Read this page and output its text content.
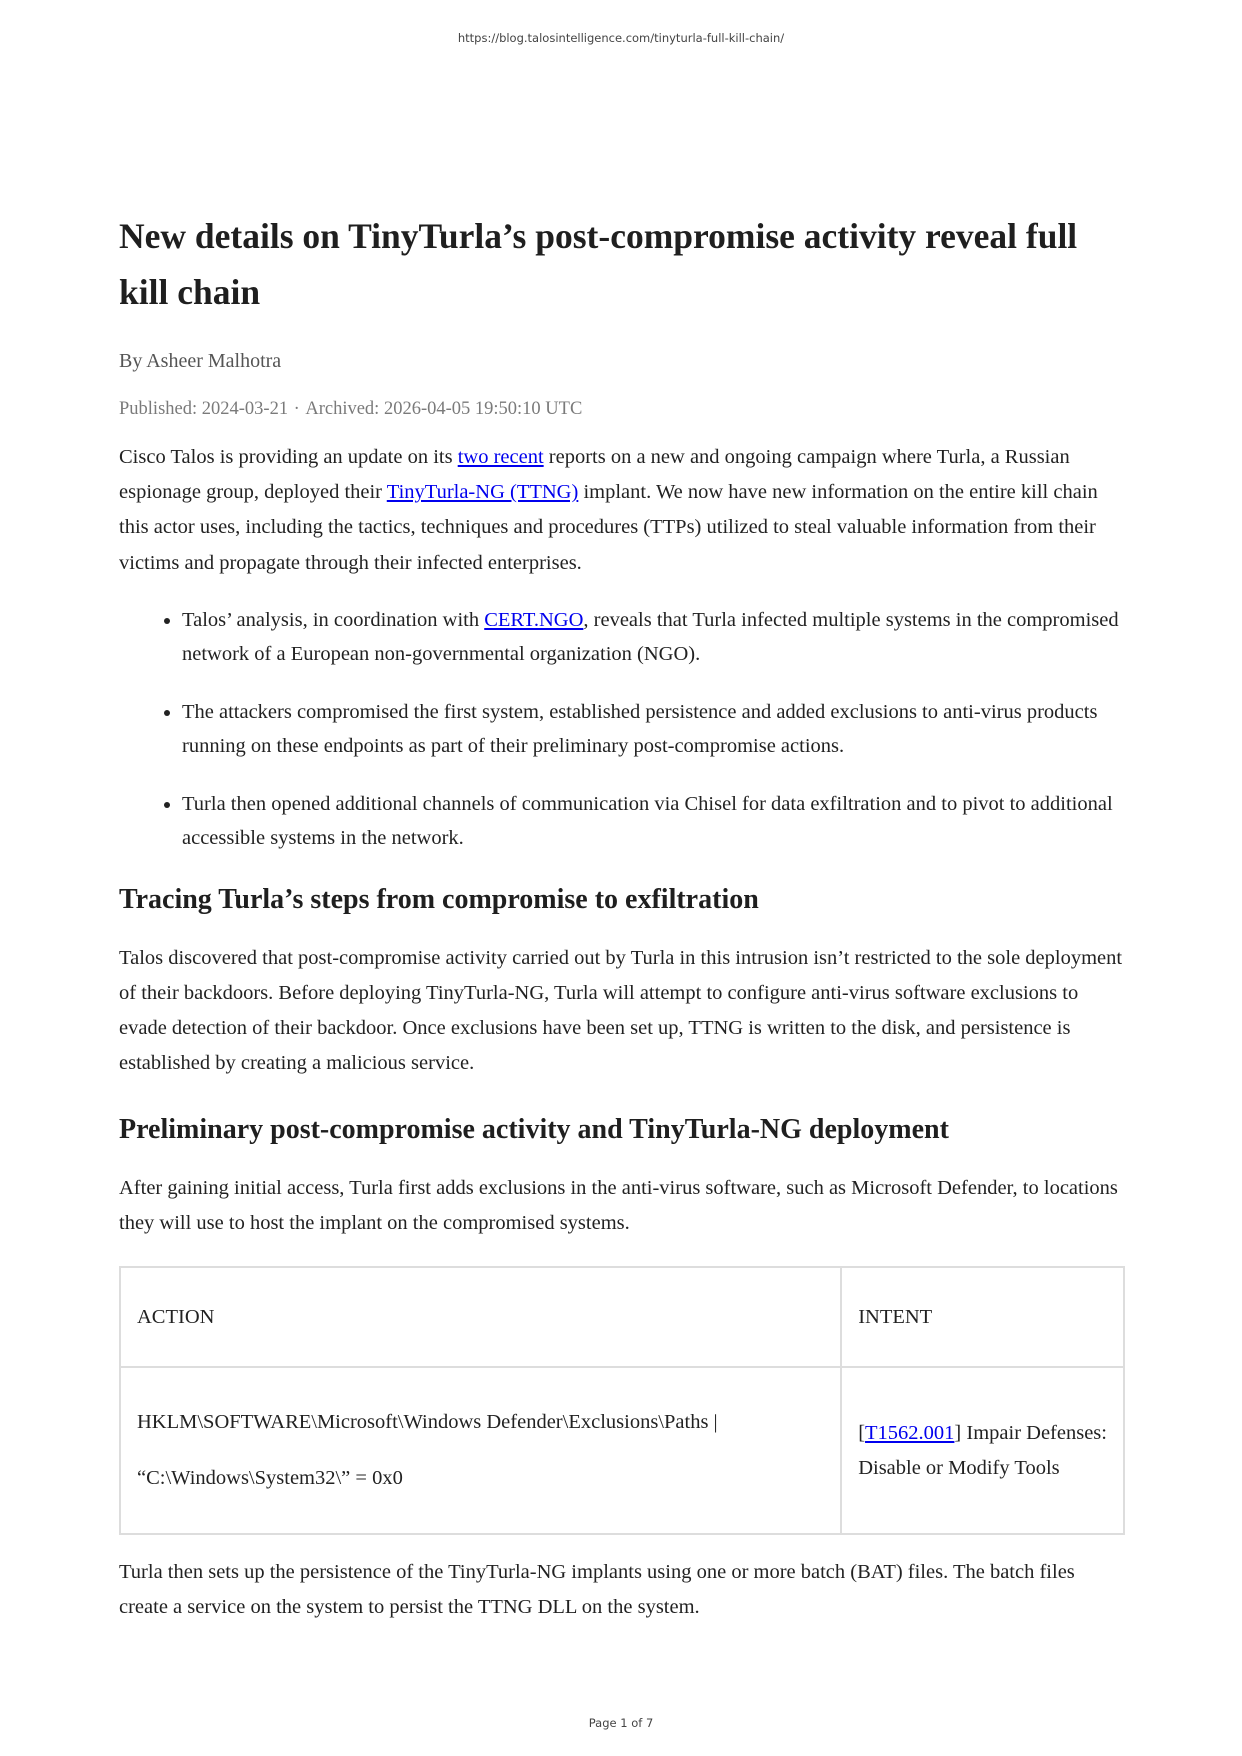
https://blog.talosintelligence.com/tinyturla-full-kill-chain/
New details on TinyTurla’s post-compromise activity reveal full kill chain
By Asheer Malhotra
Published: 2024-03-21 · Archived: 2026-04-05 19:50:10 UTC

Cisco Talos is providing an update on its two recent reports on a new and ongoing campaign where Turla, a Russian espionage group, deployed their TinyTurla-NG (TTNG) implant. We now have new information on the entire kill chain this actor uses, including the tactics, techniques and procedures (TTPs) utilized to steal valuable information from their victims and propagate through their infected enterprises.

• Talos’ analysis, in coordination with CERT.NGO, reveals that Turla infected multiple systems in the compromised network of a European non-governmental organization (NGO).
• The attackers compromised the first system, established persistence and added exclusions to anti-virus products running on these endpoints as part of their preliminary post-compromise actions.
• Turla then opened additional channels of communication via Chisel for data exfiltration and to pivot to additional accessible systems in the network.
Tracing Turla’s steps from compromise to exfiltration

Talos discovered that post-compromise activity carried out by Turla in this intrusion isn’t restricted to the sole deployment of their backdoors. Before deploying TinyTurla-NG, Turla will attempt to configure anti-virus software exclusions to evade detection of their backdoor. Once exclusions have been set up, TTNG is written to the disk, and persistence is established by creating a malicious service.

Preliminary post-compromise activity and TinyTurla-NG deployment

After gaining initial access, Turla first adds exclusions in the anti-virus software, such as Microsoft Defender, to locations they will use to host the implant on the compromised systems.

ACTION	INTENT

HKLM\SOFTWARE\Microsoft\Windows Defender\Exclusions\Paths |
“C:\Windows\System32\” = 0x0	[T1562.001] Impair Defenses: Disable or Modify Tools

Turla then sets up the persistence of the TinyTurla-NG implants using one or more batch (BAT) files. The batch files create a service on the system to persist the TTNG DLL on the system.

Page 1 of 7
